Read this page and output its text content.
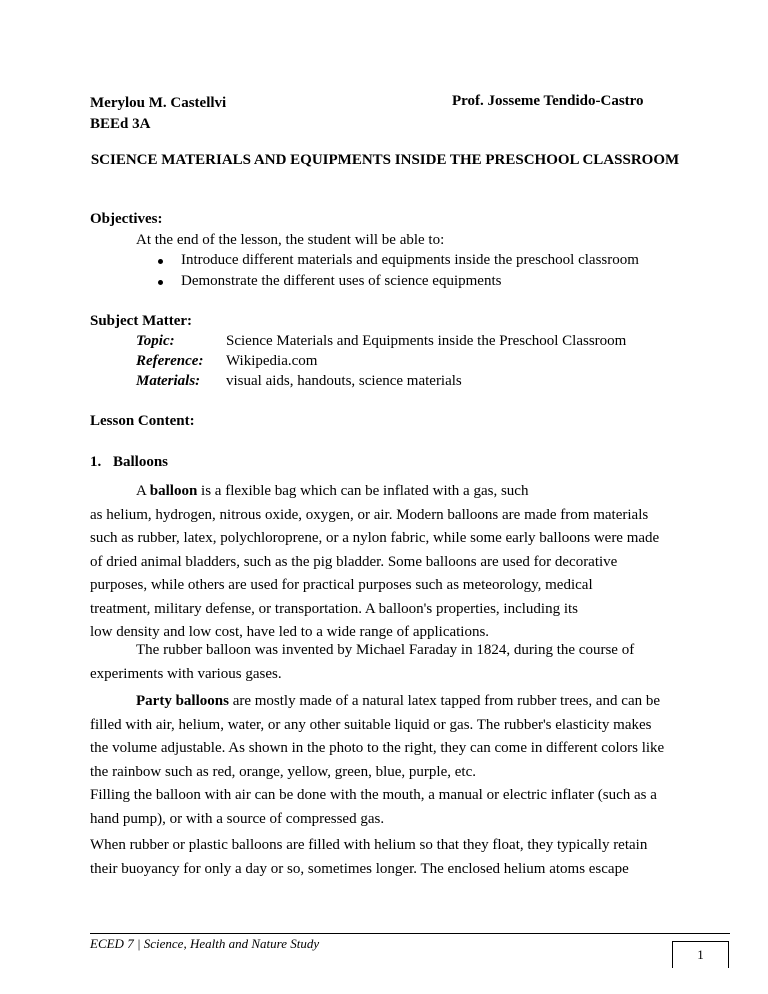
Merylou M. Castellvi
BEEd 3A
Prof. Josseme Tendido-Castro
SCIENCE MATERIALS AND EQUIPMENTS INSIDE THE PRESCHOOL CLASSROOM
Objectives:
At the end of the lesson, the student will be able to:
Introduce different materials and equipments inside the preschool classroom
Demonstrate the different uses of science equipments
Subject Matter:
Topic:	Science Materials and Equipments inside the Preschool Classroom
Reference: Wikipedia.com
Materials: visual aids, handouts, science materials
Lesson Content:
1. Balloons
A balloon is a flexible bag which can be inflated with a gas, such
as helium, hydrogen, nitrous oxide, oxygen, or air. Modern balloons are made from materials
such as rubber, latex, polychloroprene, or a nylon fabric, while some early balloons were made
of dried animal bladders, such as the pig bladder. Some balloons are used for decorative
purposes, while others are used for practical purposes such as meteorology, medical
treatment, military defense, or transportation. A balloon's properties, including its
low density and low cost, have led to a wide range of applications.
The rubber balloon was invented by Michael Faraday in 1824, during the course of
experiments with various gases.
Party balloons are mostly made of a natural latex tapped from rubber trees, and can be
filled with air, helium, water, or any other suitable liquid or gas. The rubber's elasticity makes
the volume adjustable. As shown in the photo to the right, they can come in different colors like
the rainbow such as red, orange, yellow, green, blue, purple, etc.
Filling the balloon with air can be done with the mouth, a manual or electric inflater (such as a
hand pump), or with a source of compressed gas.
When rubber or plastic balloons are filled with helium so that they float, they typically retain
their buoyancy for only a day or so, sometimes longer. The enclosed helium atoms escape
ECED 7 | Science, Health and Nature Study
1
